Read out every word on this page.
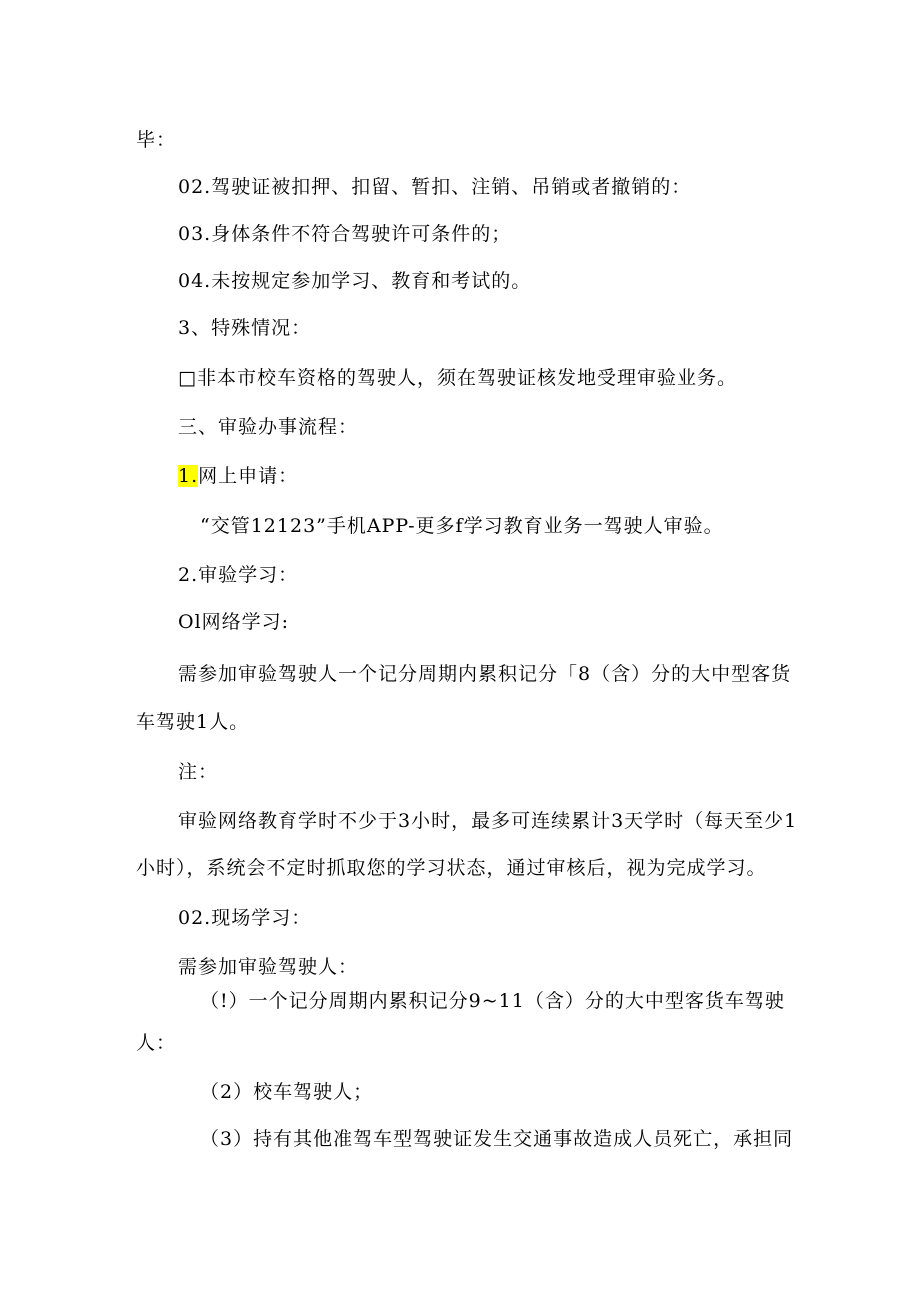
毕：
02.驾驶证被扣押、扣留、暂扣、注销、吊销或者撤销的：
03.身体条件不符合驾驶许可条件的；
04.未按规定参加学习、教育和考试的。
3、特殊情况：
□非本市校车资格的驾驶人，须在驾驶证核发地受理审验业务。
三、审验办事流程：
1.网上申请：
“交管12123”手机APP-更多f学习教育业务一驾驶人审验。
2.审验学习：
Ol网络学习:
需参加审验驾驶人一个记分周期内累积记分「8（含）分的大中型客货
车驾驶1人。
注：
审验网络教育学时不少于3小时，最多可连续累计3天学时（每天至少1
小时），系统会不定时抓取您的学习状态，通过审核后，视为完成学习。
02.现场学习：
需参加审验驾驶人：
（!）一个记分周期内累积记分9~11（含）分的大中型客货车驾驶
人：
（2）校车驾驶人；
（3）持有其他准驾车型驾驶证发生交通事故造成人员死亡，承担同
